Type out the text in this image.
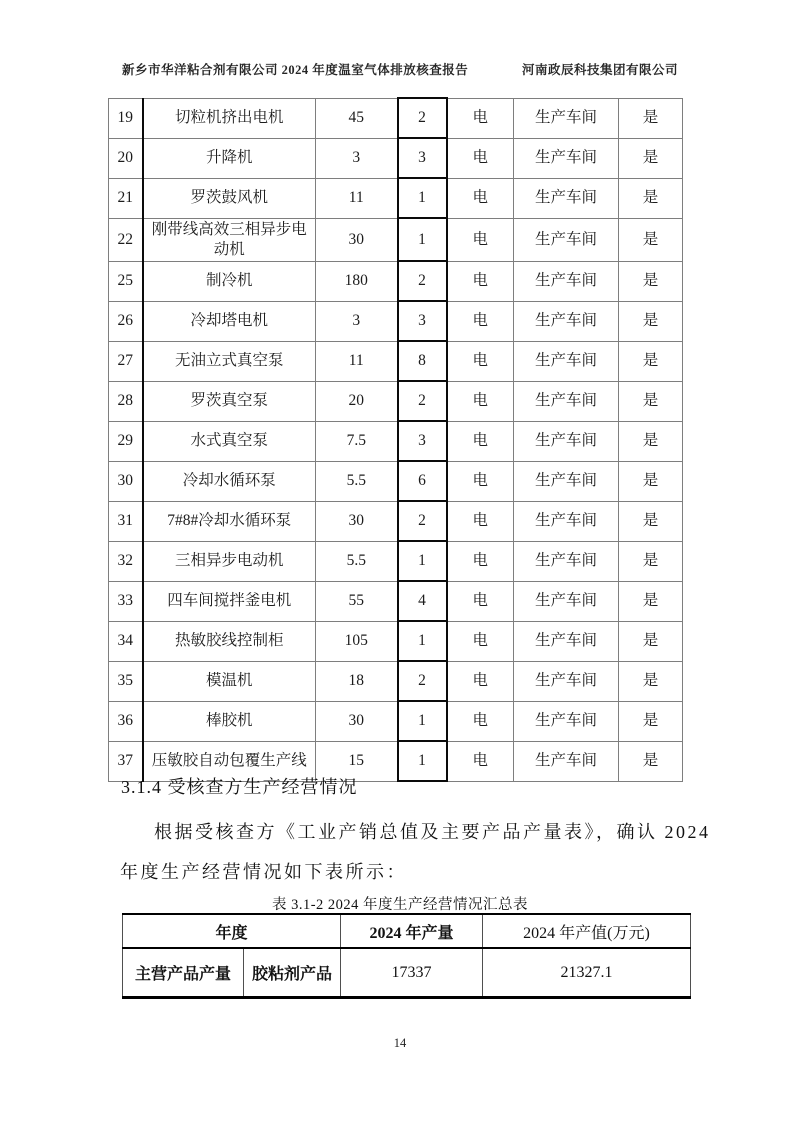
新乡市华洋粘合剂有限公司 2024 年度温室气体排放核查报告	河南政辰科技集团有限公司
19	切粒机挤出电机	45	2	电	生产车间	是
20	升降机	3	3	电	生产车间	是
21	罗茨鼓风机	11	1	电	生产车间	是
22	刚带线高效三相异步电动机	30	1	电	生产车间	是
25	制冷机	180	2	电	生产车间	是
26	冷却塔电机	3	3	电	生产车间	是
27	无油立式真空泵	11	8	电	生产车间	是
28	罗茨真空泵	20	2	电	生产车间	是
29	水式真空泵	7.5	3	电	生产车间	是
30	冷却水循环泵	5.5	6	电	生产车间	是
31	7#8#冷却水循环泵	30	2	电	生产车间	是
32	三相异步电动机	5.5	1	电	生产车间	是
33	四车间搅拌釜电机	55	4	电	生产车间	是
34	热敏胶线控制柜	105	1	电	生产车间	是
35	模温机	18	2	电	生产车间	是
36	棒胶机	30	1	电	生产车间	是
37	压敏胶自动包覆生产线	15	1	电	生产车间	是
3.1.4 受核查方生产经营情况
根据受核查方《工业产销总值及主要产品产量表》，确认 2024
年度生产经营情况如下表所示：
表 3.1-2 2024 年度生产经营情况汇总表
年度		2024 年产量	2024 年产值(万元)
主营产品产量	胶粘剂产品	17337	21327.1
14
